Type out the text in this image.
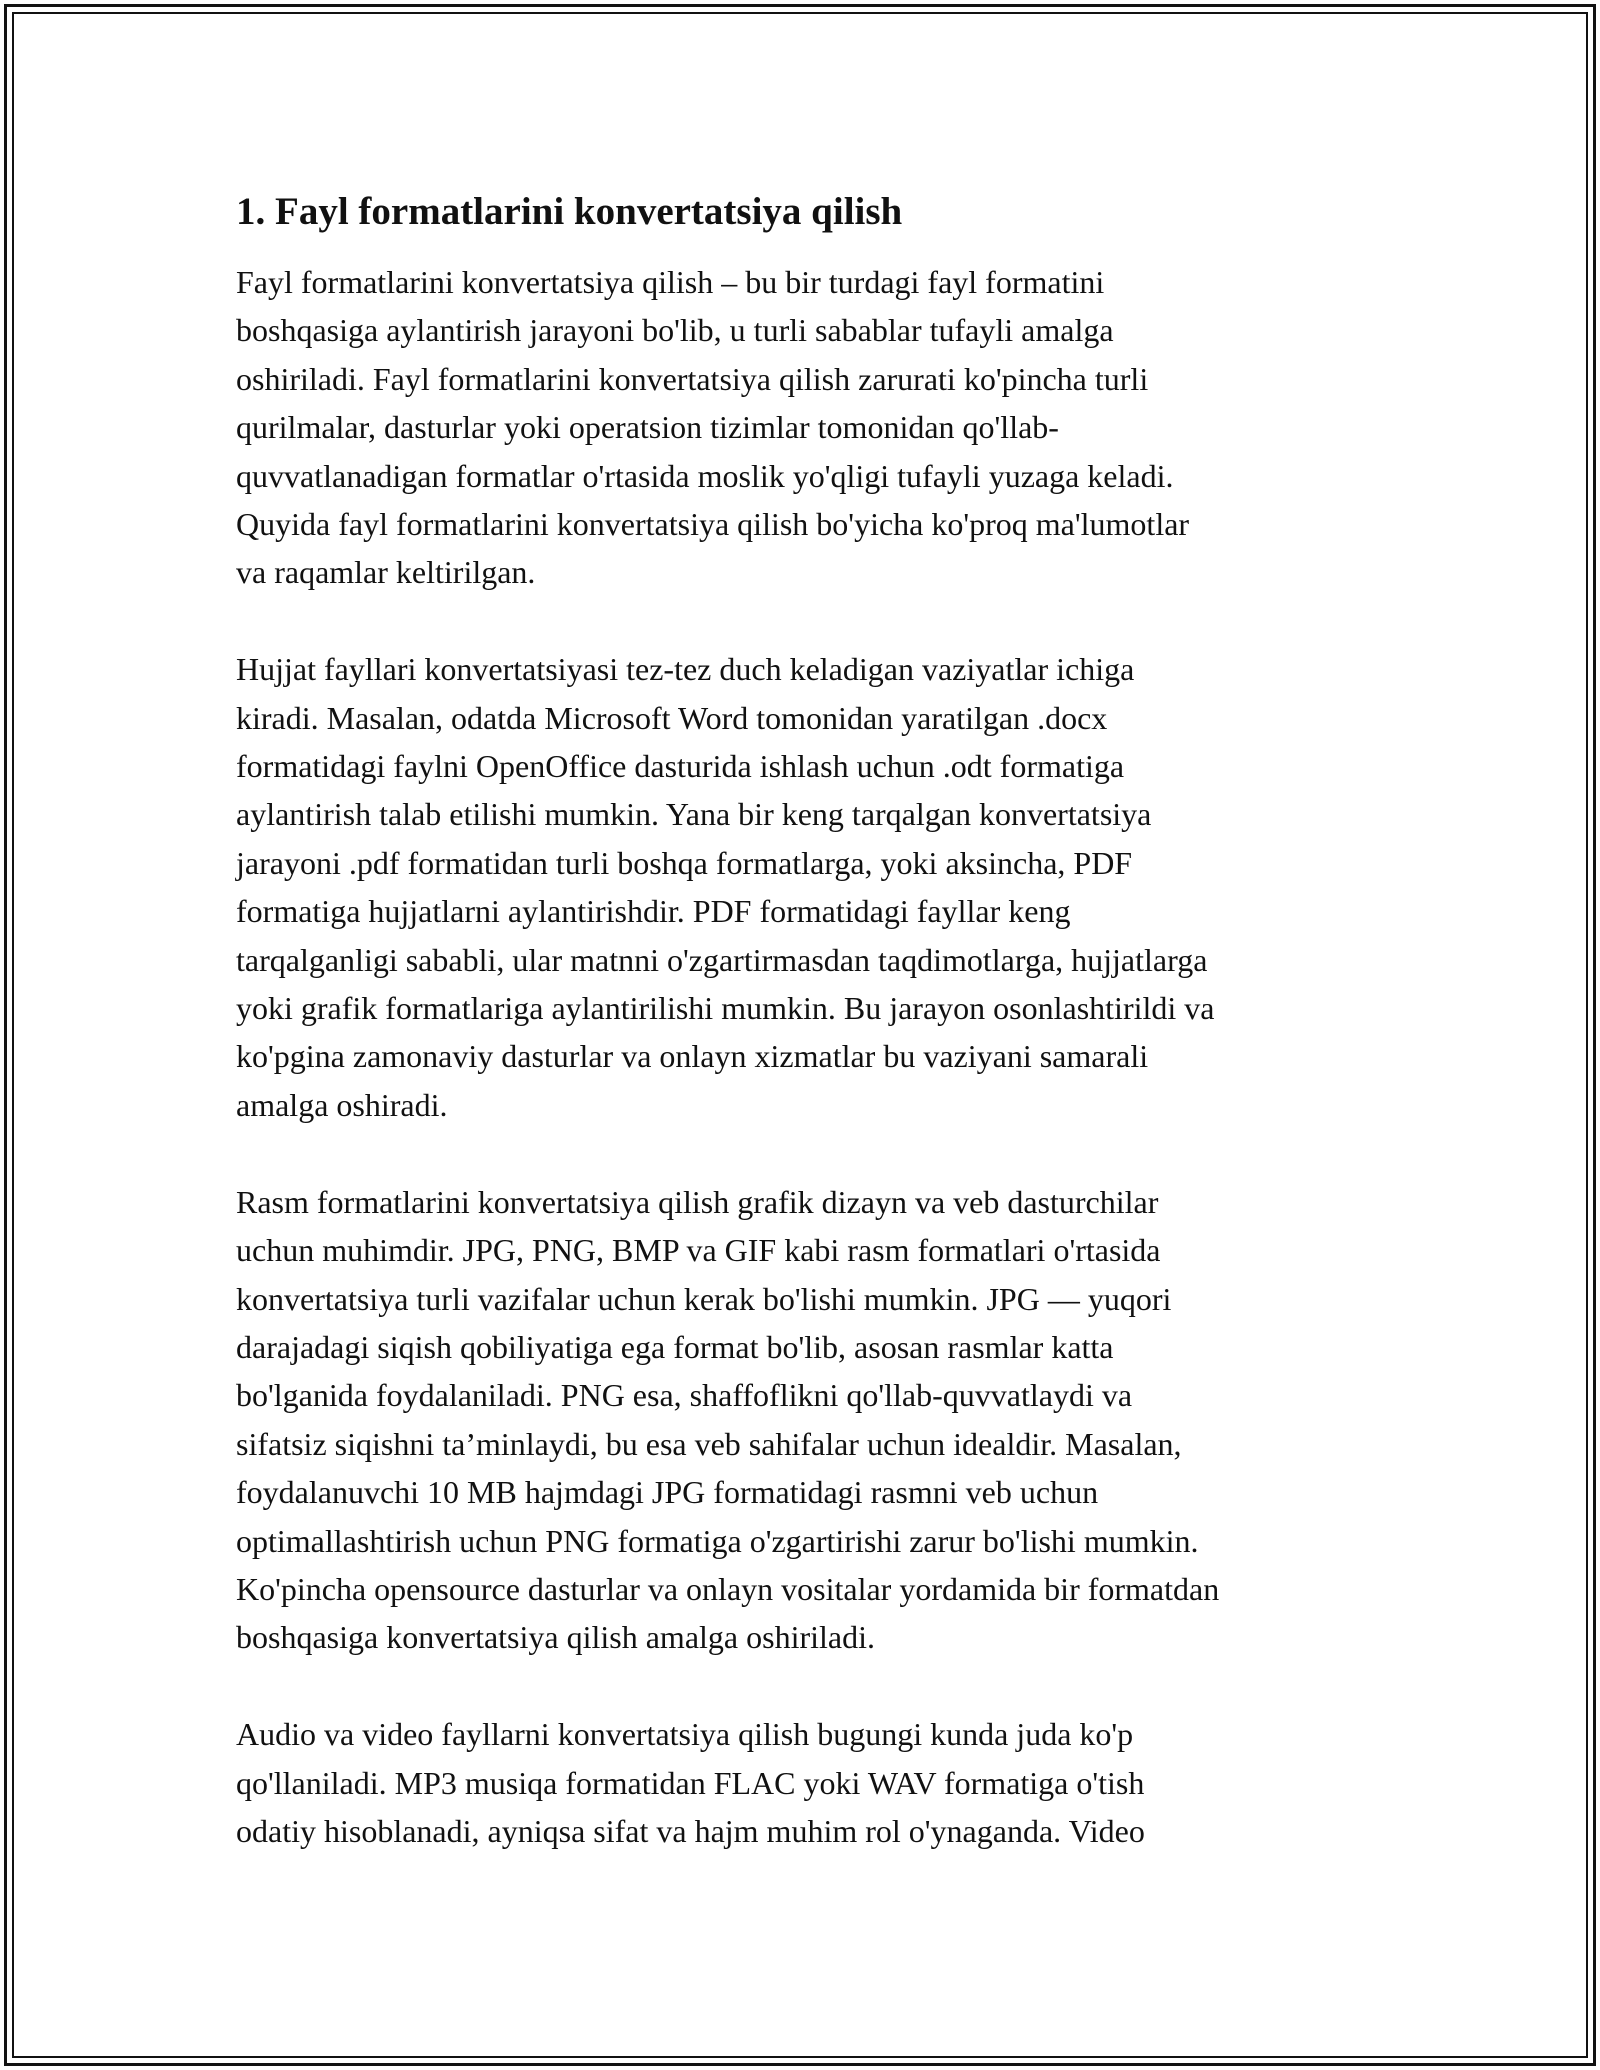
1. Fayl formatlarini konvertatsiya qilish
Fayl formatlarini konvertatsiya qilish – bu bir turdagi fayl formatini
boshqasiga aylantirish jarayoni bo'lib, u turli sabablar tufayli amalga
oshiriladi. Fayl formatlarini konvertatsiya qilish zarurati ko'pincha turli
qurilmalar, dasturlar yoki operatsion tizimlar tomonidan qo'llab-
quvvatlanadigan formatlar o'rtasida moslik yo'qligi tufayli yuzaga keladi.
Quyida fayl formatlarini konvertatsiya qilish bo'yicha ko'proq ma'lumotlar
va raqamlar keltirilgan.
Hujjat fayllari konvertatsiyasi tez-tez duch keladigan vaziyatlar ichiga
kiradi. Masalan, odatda Microsoft Word tomonidan yaratilgan .docx
formatidagi faylni OpenOffice dasturida ishlash uchun .odt formatiga
aylantirish talab etilishi mumkin. Yana bir keng tarqalgan konvertatsiya
jarayoni .pdf formatidan turli boshqa formatlarga, yoki aksincha, PDF
formatiga hujjatlarni aylantirishdir. PDF formatidagi fayllar keng
tarqalganligi sababli, ular matnni o'zgartirmasdan taqdimotlarga, hujjatlarga
yoki grafik formatlariga aylantirilishi mumkin. Bu jarayon osonlashtirildi va
ko'pgina zamonaviy dasturlar va onlayn xizmatlar bu vaziyani samarali
amalga oshiradi.
Rasm formatlarini konvertatsiya qilish grafik dizayn va veb dasturchilar
uchun muhimdir. JPG, PNG, BMP va GIF kabi rasm formatlari o'rtasida
konvertatsiya turli vazifalar uchun kerak bo'lishi mumkin. JPG — yuqori
darajadagi siqish qobiliyatiga ega format bo'lib, asosan rasmlar katta
bo'lganida foydalaniladi. PNG esa, shaffoflikni qo'llab-quvvatlaydi va
sifatsiz siqishni ta’minlaydi, bu esa veb sahifalar uchun idealdir. Masalan,
foydalanuvchi 10 MB hajmdagi JPG formatidagi rasmni veb uchun
optimallashtirish uchun PNG formatiga o'zgartirishi zarur bo'lishi mumkin.
Ko'pincha opensource dasturlar va onlayn vositalar yordamida bir formatdan
boshqasiga konvertatsiya qilish amalga oshiriladi.
Audio va video fayllarni konvertatsiya qilish bugungi kunda juda ko'p
qo'llaniladi. MP3 musiqa formatidan FLAC yoki WAV formatiga o'tish
odatiy hisoblanadi, ayniqsa sifat va hajm muhim rol o'ynaganda. Video
